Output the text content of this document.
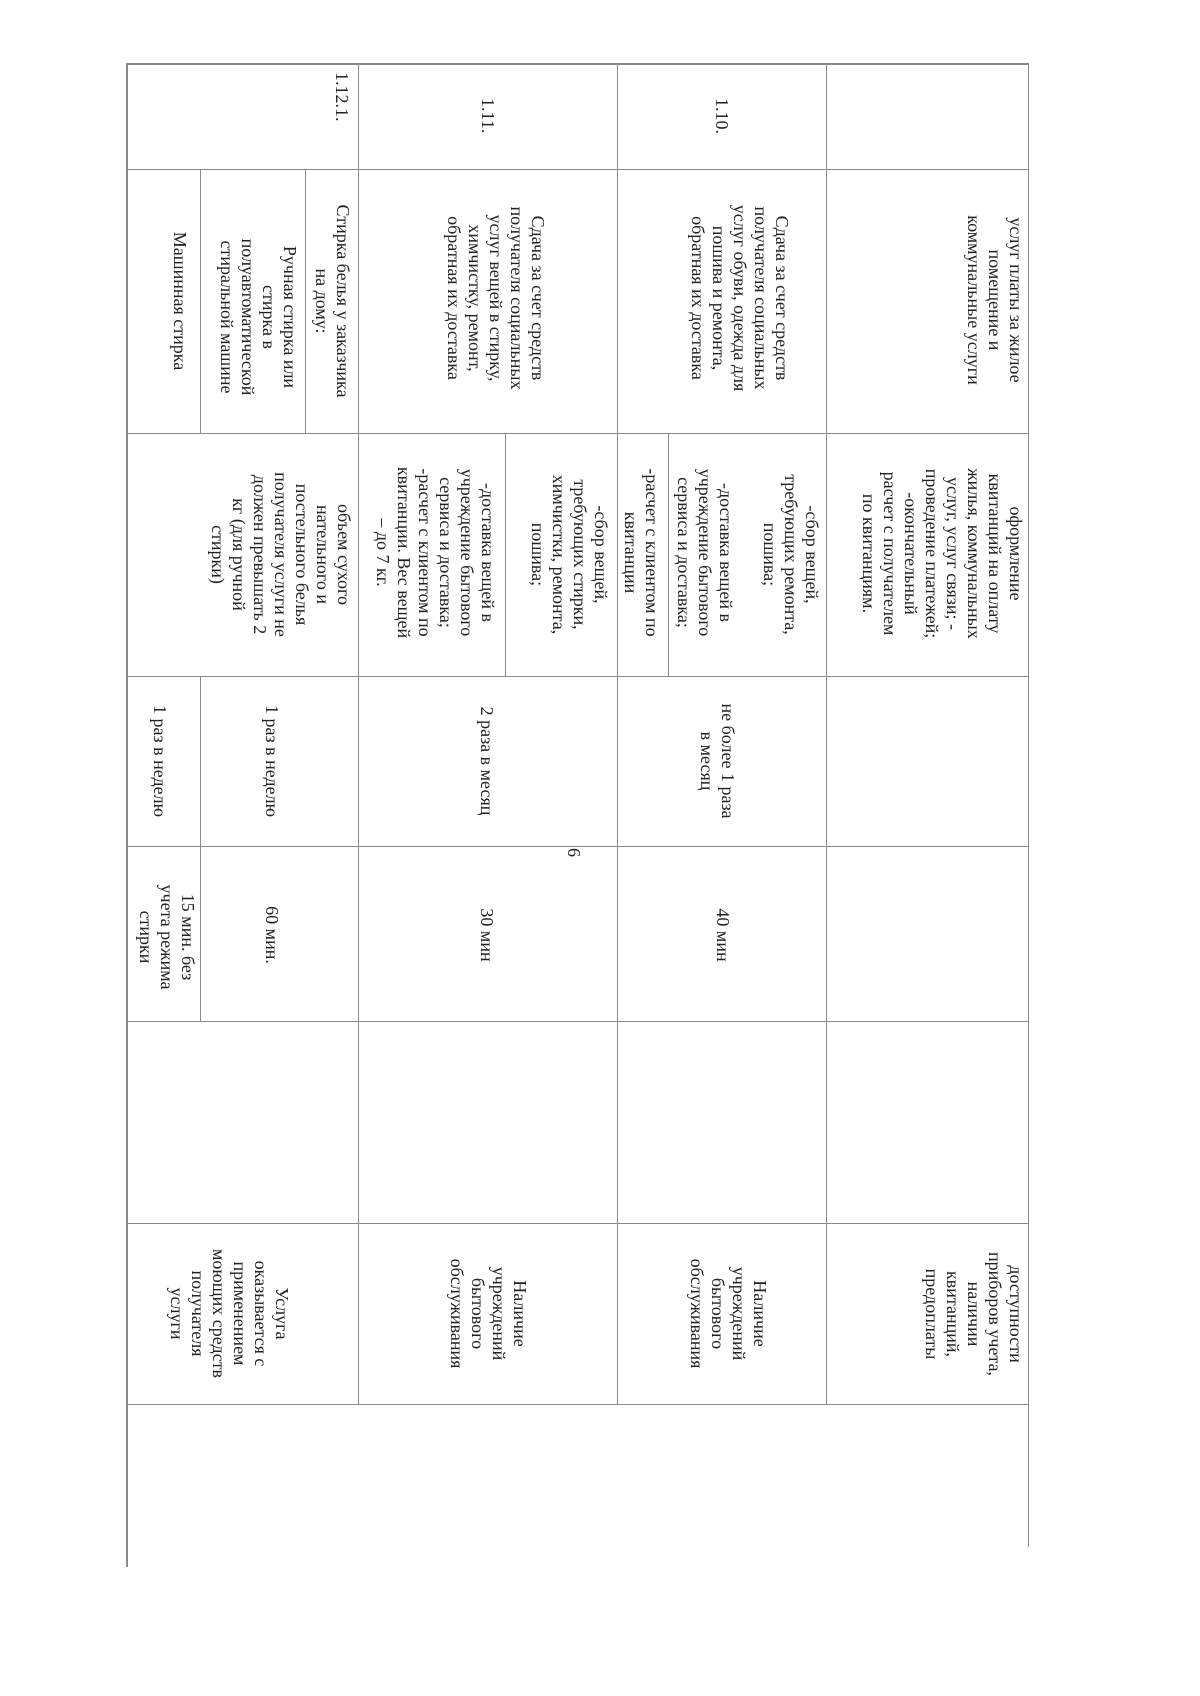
услуг платы за жилое
помещение и
коммунальные услуги
оформление
квитанций на оплату
жилья, коммунальных
услуг, услуг связи; -
проведение платежей;
-окончательный
расчет с получателем
по квитанциям.
доступности
приборов учета,
наличии
квитанций,
предоплаты
1.10.
Сдача за счет средств
получателя социальных
услуг обуви, одежда для
пошива и ремонта,
обратная их доставка
-сбор вещей,
требующих ремонта,
пошива;
-доставка вещей в
учреждение бытового
сервиса и доставка;
-расчет с клиентом по
квитанции
не более 1 раза
в месяц
40 мин
Наличие
учреждений
бытового
обслуживания
1.11.
Сдача за счет средств
получателя социальных
услуг вещей в стирку,
химчистку, ремонт,
обратная их доставка
-сбор вещей,
требующих стирки,
химчистки, ремонта,
пошива;
-доставка вещей в
учреждение бытового
сервиса и доставка;
-расчет с клиентом по
квитанции. Вес вещей
– до 7 кг.
2 раза в месяц
30 мин
Наличие
учреждений
бытового
обслуживания
1.12.1.
Стирка белья у заказчика
на дому:
Ручная стирка или
стирка в
полуавтоматической
стиральной машине
Машинная стирка
объем сухого
нательного и
постельного белья
получателя услуги не
должен превышать 2
кг (для ручной
стирки)
1 раз в неделю
1 раз в неделю
60 мин.
15 мин. без
учета режима
стирки
Услуга
оказывается с
применением
моющих средств
получателя
услуги
6
